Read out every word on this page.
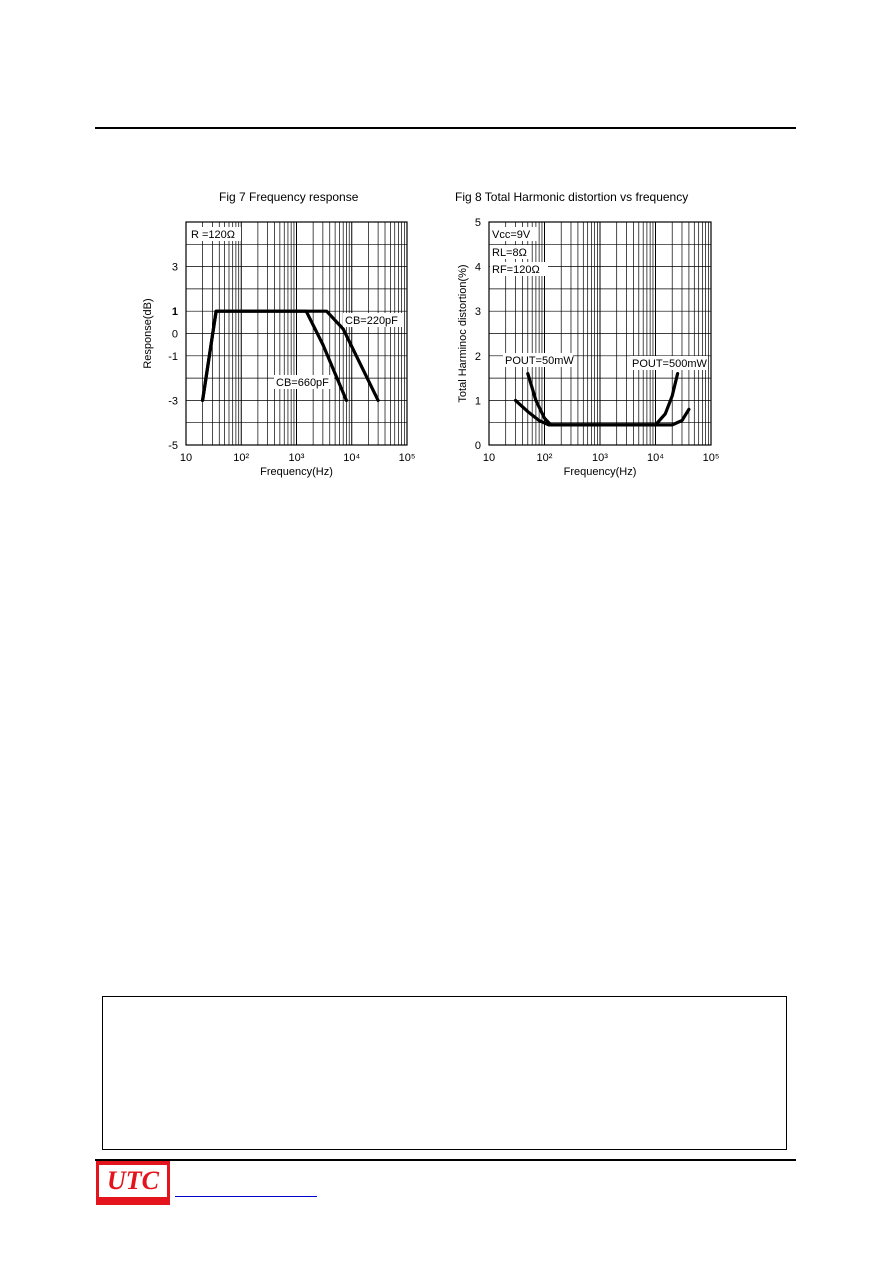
Fig 7 Frequency response	Fig 8 Total Harmonic distortion vs frequency
10	10²	10³	10⁴	10⁵
3
1
0
-1
-3
-5
Frequency(Hz)
Response(dB)
10	10²	10³	10⁴	10⁵
0
1
2
3
4
5
Frequency(Hz)
Total Harminoc distortion(%)
R =120Ω
CB=220pF
CB=660pF
Vcc=9V
RL=8Ω
RF=120Ω
POUT=50mW	POUT=500mW
UTC
